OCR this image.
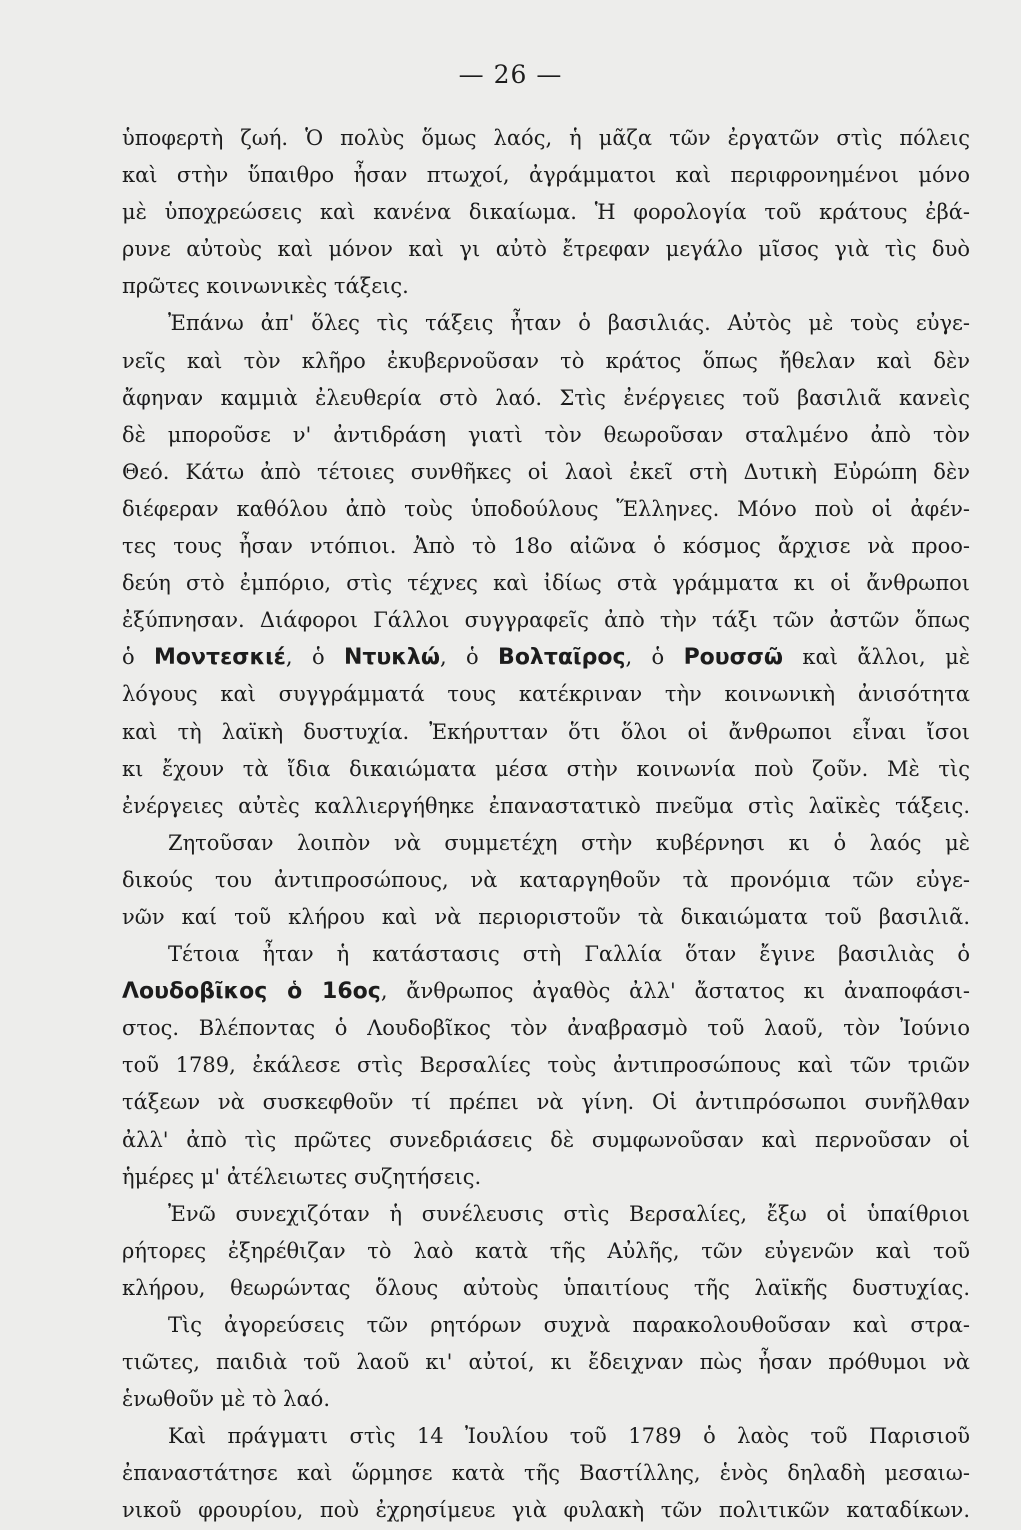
— 26 —
ὑποφερτὴ ζωή. Ὁ πολὺς ὅμως λαός, ἡ μᾶζα τῶν ἐργατῶν στὶς πόλεις
καὶ στὴν ὕπαιθρο ἦσαν πτωχοί, ἀγράμματοι καὶ περιφρονημένοι μόνο
μὲ ὑποχρεώσεις καὶ κανένα δικαίωμα. Ἡ φορολογία τοῦ κράτους ἐβά-
ρυνε αὐτοὺς καὶ μόνον καὶ γι αὐτὸ ἔτρεφαν μεγάλο μῖσος γιὰ τὶς δυὸ
πρῶτες κοινωνικὲς τάξεις.
Ἐπάνω ἀπ' ὅλες τὶς τάξεις ἦταν ὁ βασιλιάς. Αὐτὸς μὲ τοὺς εὐγε-
νεῖς καὶ τὸν κλῆρο ἐκυβερνοῦσαν τὸ κράτος ὅπως ἤθελαν καὶ δὲν
ἄφηναν καμμιὰ ἐλευθερία στὸ λαό. Στὶς ἐνέργειες τοῦ βασιλιᾶ κανεὶς
δὲ μποροῦσε ν' ἀντιδράση γιατὶ τὸν θεωροῦσαν σταλμένο ἀπὸ τὸν
Θεό. Κάτω ἀπὸ τέτοιες συνθῆκες οἱ λαοὶ ἐκεῖ στὴ Δυτικὴ Εὐρώπη δὲν
διέφεραν καθόλου ἀπὸ τοὺς ὑποδούλους Ἕλληνες. Μόνο ποὺ οἱ ἀφέν-
τες τους ἦσαν ντόπιοι. Ἀπὸ τὸ 18ο αἰῶνα ὁ κόσμος ἄρχισε νὰ προο-
δεύη στὸ ἐμπόριο, στὶς τέχνες καὶ ἰδίως στὰ γράμματα κι οἱ ἄνθρωποι
ἐξύπνησαν. Διάφοροι Γάλλοι συγγραφεῖς ἀπὸ τὴν τάξι τῶν ἀστῶν ὅπως
ὁ Μοντεσκιέ, ὁ Ντυκλώ, ὁ Βολταῖρος, ὁ Ρουσσῶ καὶ ἄλλοι, μὲ
λόγους καὶ συγγράμματά τους κατέκριναν τὴν κοινωνικὴ ἀνισότητα
καὶ τὴ λαϊκὴ δυστυχία. Ἐκήρυτταν ὅτι ὅλοι οἱ ἄνθρωποι εἶναι ἴσοι
κι ἔχουν τὰ ἴδια δικαιώματα μέσα στὴν κοινωνία ποὺ ζοῦν. Μὲ τὶς
ἐνέργειες αὐτὲς καλλιεργήθηκε ἐπαναστατικὸ πνεῦμα στὶς λαϊκὲς τάξεις.
Ζητοῦσαν λοιπὸν νὰ συμμετέχη στὴν κυβέρνησι κι ὁ λαός μὲ
δικούς του ἀντιπροσώπους, νὰ καταργηθοῦν τὰ προνόμια τῶν εὐγε-
νῶν καί τοῦ κλήρου καὶ νὰ περιοριστοῦν τὰ δικαιώματα τοῦ βασιλιᾶ.
Τέτοια ἦταν ἡ κατάστασις στὴ Γαλλία ὅταν ἔγινε βασιλιὰς ὁ
Λουδοβῖκος ὁ 16ος, ἄνθρωπος ἀγαθὸς ἀλλ' ἄστατος κι ἀναποφάσι-
στος. Βλέποντας ὁ Λουδοβῖκος τὸν ἀναβρασμὸ τοῦ λαοῦ, τὸν Ἰούνιο
τοῦ 1789, ἐκάλεσε στὶς Βερσαλίες τοὺς ἀντιπροσώπους καὶ τῶν τριῶν
τάξεων νὰ συσκεφθοῦν τί πρέπει νὰ γίνη. Οἱ ἀντιπρόσωποι συνῆλθαν
ἀλλ' ἀπὸ τὶς πρῶτες συνεδριάσεις δὲ συμφωνοῦσαν καὶ περνοῦσαν οἱ
ἡμέρες μ' ἀτέλειωτες συζητήσεις.
Ἐνῶ συνεχιζόταν ἡ συνέλευσις στὶς Βερσαλίες, ἔξω οἱ ὑπαίθριοι
ρήτορες ἐξηρέθιζαν τὸ λαὸ κατὰ τῆς Αὐλῆς, τῶν εὐγενῶν καὶ τοῦ
κλήρου, θεωρώντας ὅλους αὐτοὺς ὑπαιτίους τῆς λαϊκῆς δυστυχίας.
Τὶς ἀγορεύσεις τῶν ρητόρων συχνὰ παρακολουθοῦσαν καὶ στρα-
τιῶτες, παιδιὰ τοῦ λαοῦ κι' αὐτοί, κι ἔδειχναν πὼς ἦσαν πρόθυμοι νὰ
ἑνωθοῦν μὲ τὸ λαό.
Καὶ πράγματι στὶς 14 Ἰουλίου τοῦ 1789 ὁ λαὸς τοῦ Παρισιοῦ
ἐπαναστάτησε καὶ ὥρμησε κατὰ τῆς Βαστίλλης, ἑνὸς δηλαδὴ μεσαιω-
νικοῦ φρουρίου, ποὺ ἐχρησίμευε γιὰ φυλακὴ τῶν πολιτικῶν καταδίκων.
